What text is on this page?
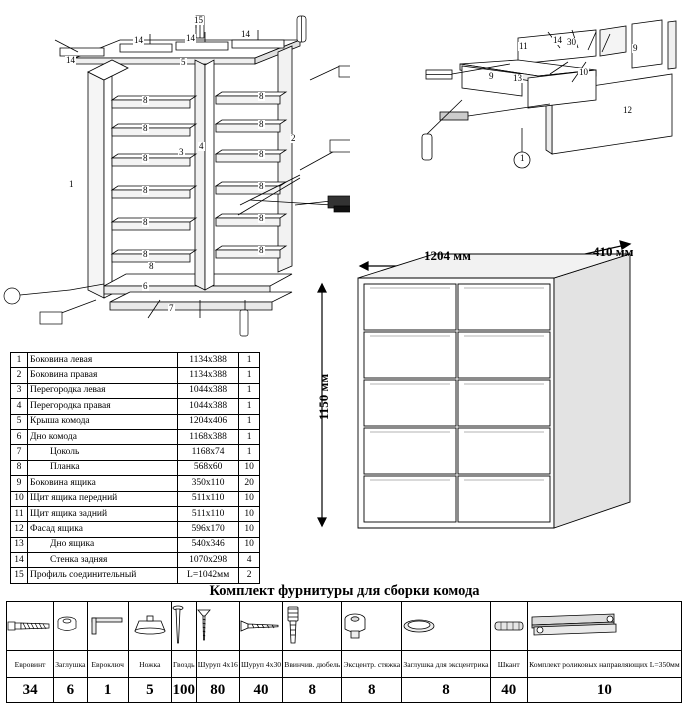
15
14
14	14	14
5
8
8
2
8
8
3
4
8
8
8
8
8
8
8
8
1
6
7
8
11
14 30
9
9 13
10
12
1
1204 мм	410 мм
1150 мм
1	Боковина левая	1134x388	1
2	Боковина правая	1134x388	1
3	Перегородка левая	1044x388	1
4	Перегородка правая	1044x388	1
5	Крыша комода	1204x406	1
6	Дно комода	1168x388	1
7	Цоколь	1168x74	1
8	Планка	568x60	10
9	Боковина ящика	350x110	20
10	Щит ящика передний	511x110	10
11	Щит ящика задний	511x110	10
12	Фасад ящика	596x170	10
13	Дно ящика	540x346	10
14	Стенка задняя	1070x298	4
15	Профиль соединительный	L=1042мм	2
Комплект фурнитуры для сборки комода

Евровинт	Заглушка	Евроключ	Ножка	Гвоздь	Шуруп 4х16	Шуруп 4х30	Ввинчив. дюбель	Эксцентр. стяжка	Заглушка для эксцентрика	Шкант	Комплект роликовых направляющих L=350мм
34	6	1	5	100	80	40	8	8	8	40	10
